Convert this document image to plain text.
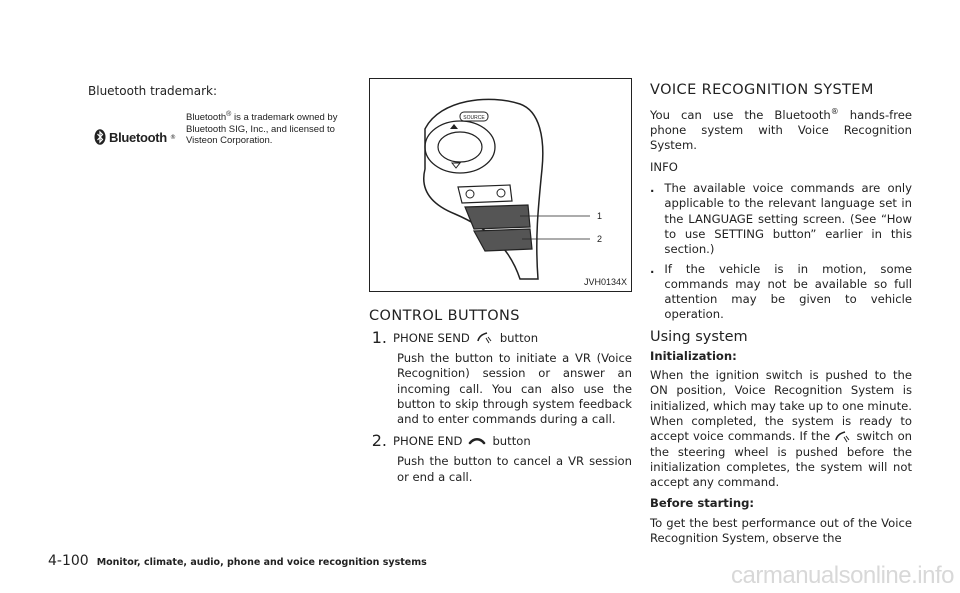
Bluetooth trademark:

Bluetooth ®

Bluetooth® is a trademark owned by Bluetooth SIG, Inc., and licensed to Visteon Corporation.

SOURCE
1
2
JVH0134X
CONTROL BUTTONS
1. PHONE SEND	button

Push the button to initiate a VR (Voice Recognition) session or answer an incoming call. You can also use the button to skip through system feedback and to enter commands during a call.

2. PHONE END	button

Push the button to cancel a VR session or end a call.

VOICE RECOGNITION SYSTEM

You can use the Bluetooth® hands-free phone system with Voice Recognition System.

INFO

. The available voice commands are only applicable to the relevant language set in the LANGUAGE setting screen. (See “How to use SETTING button” earlier in this section.)
. If the vehicle is in motion, some commands may not be available so full attention may be given to vehicle operation.
Using system

Initialization:

When the ignition switch is pushed to the ON position, Voice Recognition System is initialized, which may take up to one minute. When completed, the system is ready to accept voice commands. If the switch on the steering wheel is pushed before the initialization completes, the system will not accept any command.

Before starting:

To get the best performance out of the Voice Recognition System, observe the

4-100 Monitor, climate, audio, phone and voice recognition systems	carmanualsonline.info
